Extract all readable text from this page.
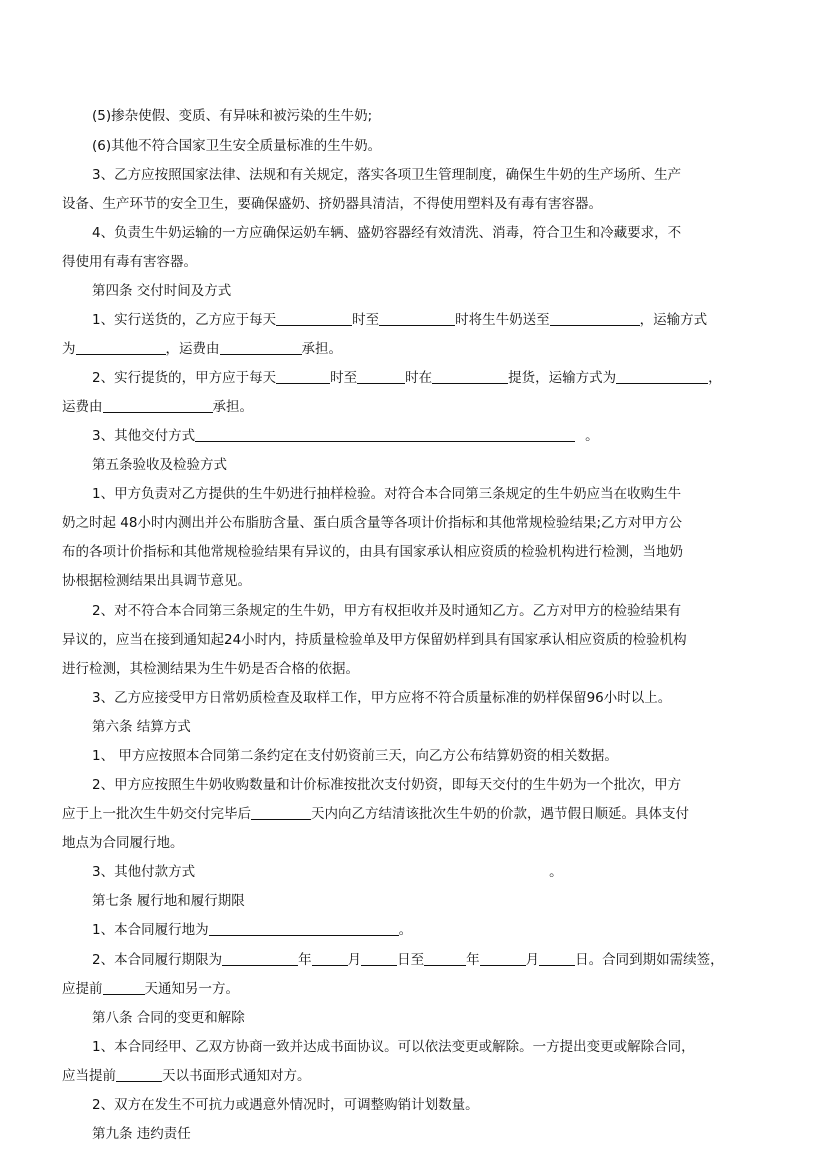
(5)掺杂使假、变质、有异味和被污染的生牛奶;
(6)其他不符合国家卫生安全质量标准的生牛奶。
3、乙方应按照国家法律、法规和有关规定，落实各项卫生管理制度，确保生牛奶的生产场所、生产
设备、生产环节的安全卫生，要确保盛奶、挤奶器具清洁，不得使用塑料及有毒有害容器。
4、负责生牛奶运输的一方应确保运奶车辆、盛奶容器经有效清洗、消毒，符合卫生和冷藏要求，不
得使用有毒有害容器。
第四条 交付时间及方式
1、实行送货的，乙方应于每天	时至	时将生牛奶送至	，运输方式
为	，运费由	承担。
2、实行提货的，甲方应于每天	时至	时在	提货，运输方式为	，
运费由	承担。
3、其他交付方式	。
第五条验收及检验方式
1、甲方负责对乙方提供的生牛奶进行抽样检验。对符合本合同第三条规定的生牛奶应当在收购生牛
奶之时起 48小时内测出并公布脂肪含量、蛋白质含量等各项计价指标和其他常规检验结果;乙方对甲方公
布的各项计价指标和其他常规检验结果有异议的，由具有国家承认相应资质的检验机构进行检测，当地奶
协根据检测结果出具调节意见。
2、对不符合本合同第三条规定的生牛奶，甲方有权拒收并及时通知乙方。乙方对甲方的检验结果有
异议的，应当在接到通知起24小时内，持质量检验单及甲方保留奶样到具有国家承认相应资质的检验机构
进行检测，其检测结果为生牛奶是否合格的依据。
3、乙方应接受甲方日常奶质检查及取样工作，甲方应将不符合质量标准的奶样保留96小时以上。
第六条 结算方式
1、 甲方应按照本合同第二条约定在支付奶资前三天，向乙方公布结算奶资的相关数据。
2、甲方应按照生牛奶收购数量和计价标准按批次支付奶资，即每天交付的生牛奶为一个批次，甲方
应于上一批次生牛奶交付完毕后	天内向乙方结清该批次生牛奶的价款，遇节假日顺延。具体支付
地点为合同履行地。
3、其他付款方式	。
第七条 履行地和履行期限
1、本合同履行地为	。
2、本合同履行期限为	年	月	日至	年	月	日。合同到期如需续签，
应提前	天通知另一方。
第八条 合同的变更和解除
1、本合同经甲、乙双方协商一致并达成书面协议。可以依法变更或解除。一方提出变更或解除合同，
应当提前	天以书面形式通知对方。
2、双方在发生不可抗力或遇意外情况时，可调整购销计划数量。
第九条 违约责任
